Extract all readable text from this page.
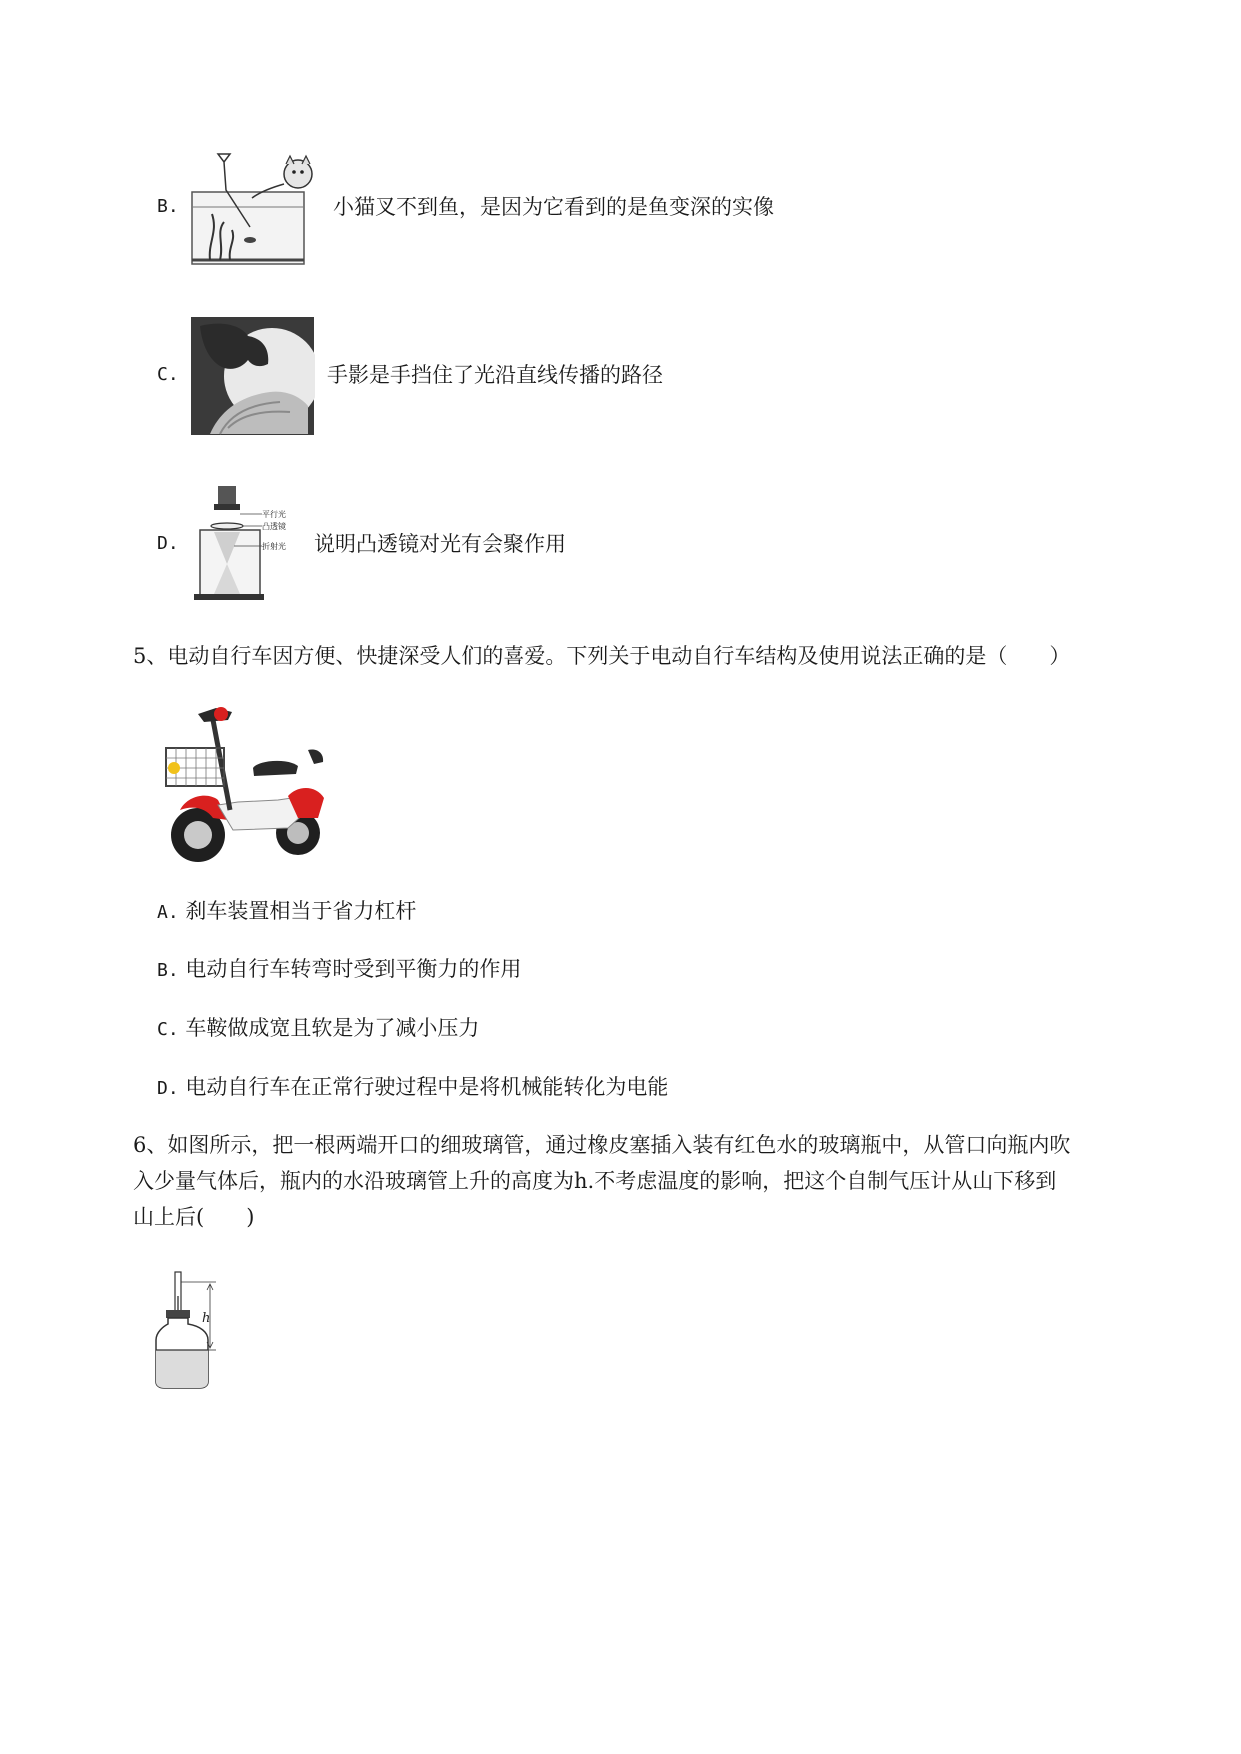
B.	小猫叉不到鱼，是因为它看到的是鱼变深的实像
C.	手影是手挡住了光沿直线传播的路径
D.
平行光
凸透镜
折射光 说明凸透镜对光有会聚作用
5、电动自行车因方便、快捷深受人们的喜爱。下列关于电动自行车结构及使用说法正确的是（　　）
A. 刹车装置相当于省力杠杆
B. 电动自行车转弯时受到平衡力的作用
C. 车鞍做成宽且软是为了减小压力
D. 电动自行车在正常行驶过程中是将机械能转化为电能
6、如图所示，把一根两端开口的细玻璃管，通过橡皮塞插入装有红色水的玻璃瓶中，从管口向瓶内吹
入少量气体后，瓶内的水沿玻璃管上升的高度为h.不考虑温度的影响，把这个自制气压计从山下移到
山上后(　　)
h
